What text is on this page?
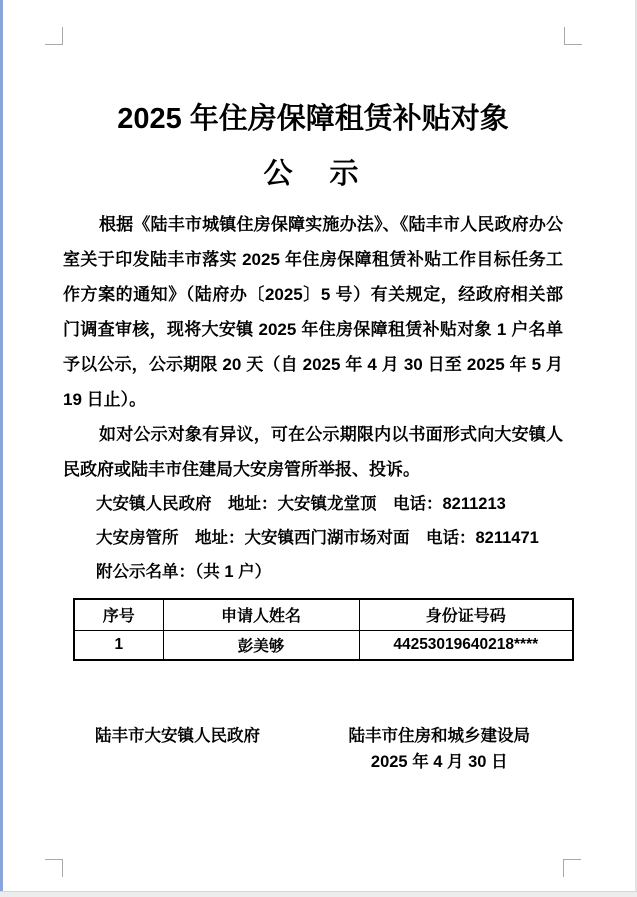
2025 年住房保障租赁补贴对象
公　示

根据《陆丰市城镇住房保障实施办法》、《陆丰市人民政府办公室关于印发陆丰市落实 2025 年住房保障租赁补贴工作目标任务工作方案的通知》（陆府办〔2025〕5 号）有关规定，经政府相关部门调查审核，现将大安镇 2025 年住房保障租赁补贴对象 1 户名单予以公示，公示期限 20 天（自 2025 年 4 月 30 日至 2025 年 5 月 19 日止）。

如对公示对象有异议，可在公示期限内以书面形式向大安镇人民政府或陆丰市住建局大安房管所举报、投诉。

大安镇人民政府　地址：大安镇龙堂顶　电话：8211213

大安房管所　地址：大安镇西门湖市场对面　电话：8211471

附公示名单：（共 1 户）

序号	申请人姓名	身份证号码
1	彭美够	44253019640218****
陆丰市大安镇人民政府	陆丰市住房和城乡建设局
2025 年 4 月 30 日
